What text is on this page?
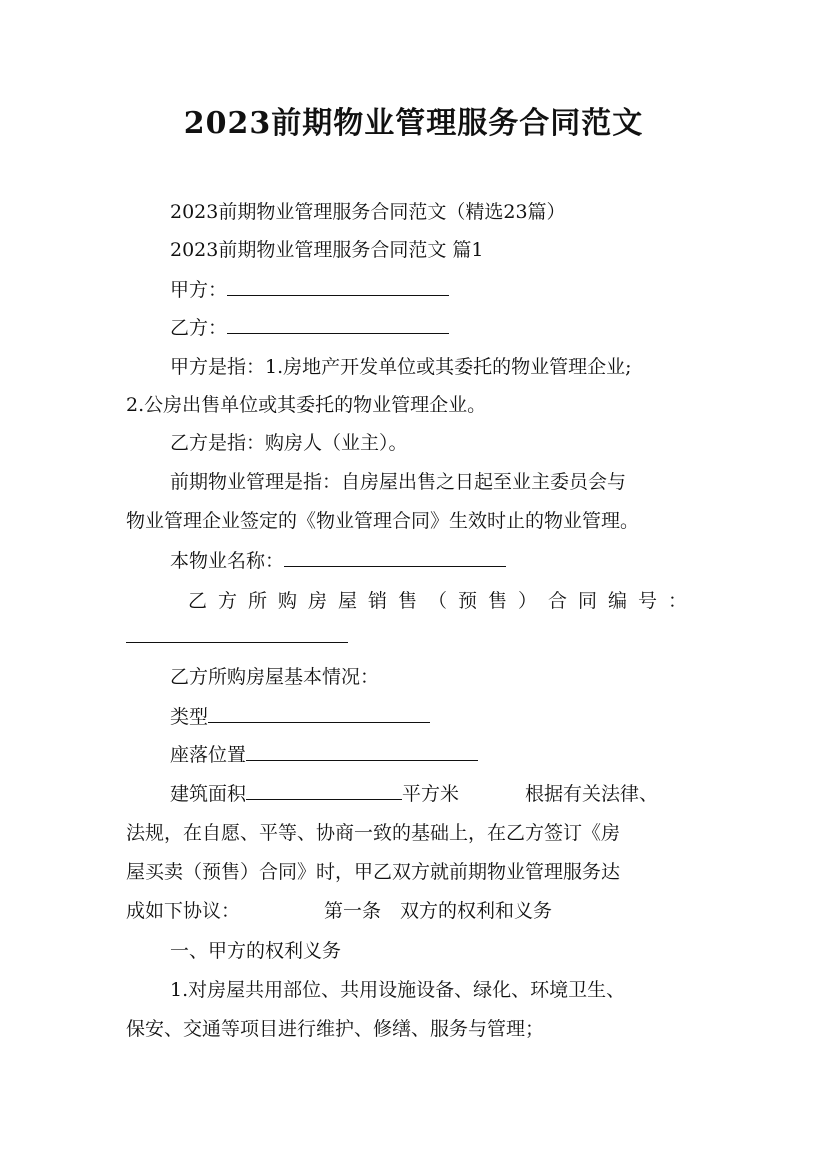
2023前期物业管理服务合同范文
2023前期物业管理服务合同范文（精选23篇）
2023前期物业管理服务合同范文 篇1
甲方：
乙方：
甲方是指：1.房地产开发单位或其委托的物业管理企业;
2.公房出售单位或其委托的物业管理企业。
乙方是指：购房人（业主）。
前期物业管理是指：自房屋出售之日起至业主委员会与
物业管理企业签定的《物业管理合同》生效时止的物业管理。
本物业名称：
乙方所购房屋销售（预售）合同编号：
乙方所购房屋基本情况：
类型
座落位置
建筑面积	平方米	根据有关法律、
法规，在自愿、平等、协商一致的基础上，在乙方签订《房
屋买卖（预售）合同》时，甲乙双方就前期物业管理服务达
成如下协议：	第一条　双方的权利和义务
一、甲方的权利义务
1.对房屋共用部位、共用设施设备、绿化、环境卫生、
保安、交通等项目进行维护、修缮、服务与管理；
